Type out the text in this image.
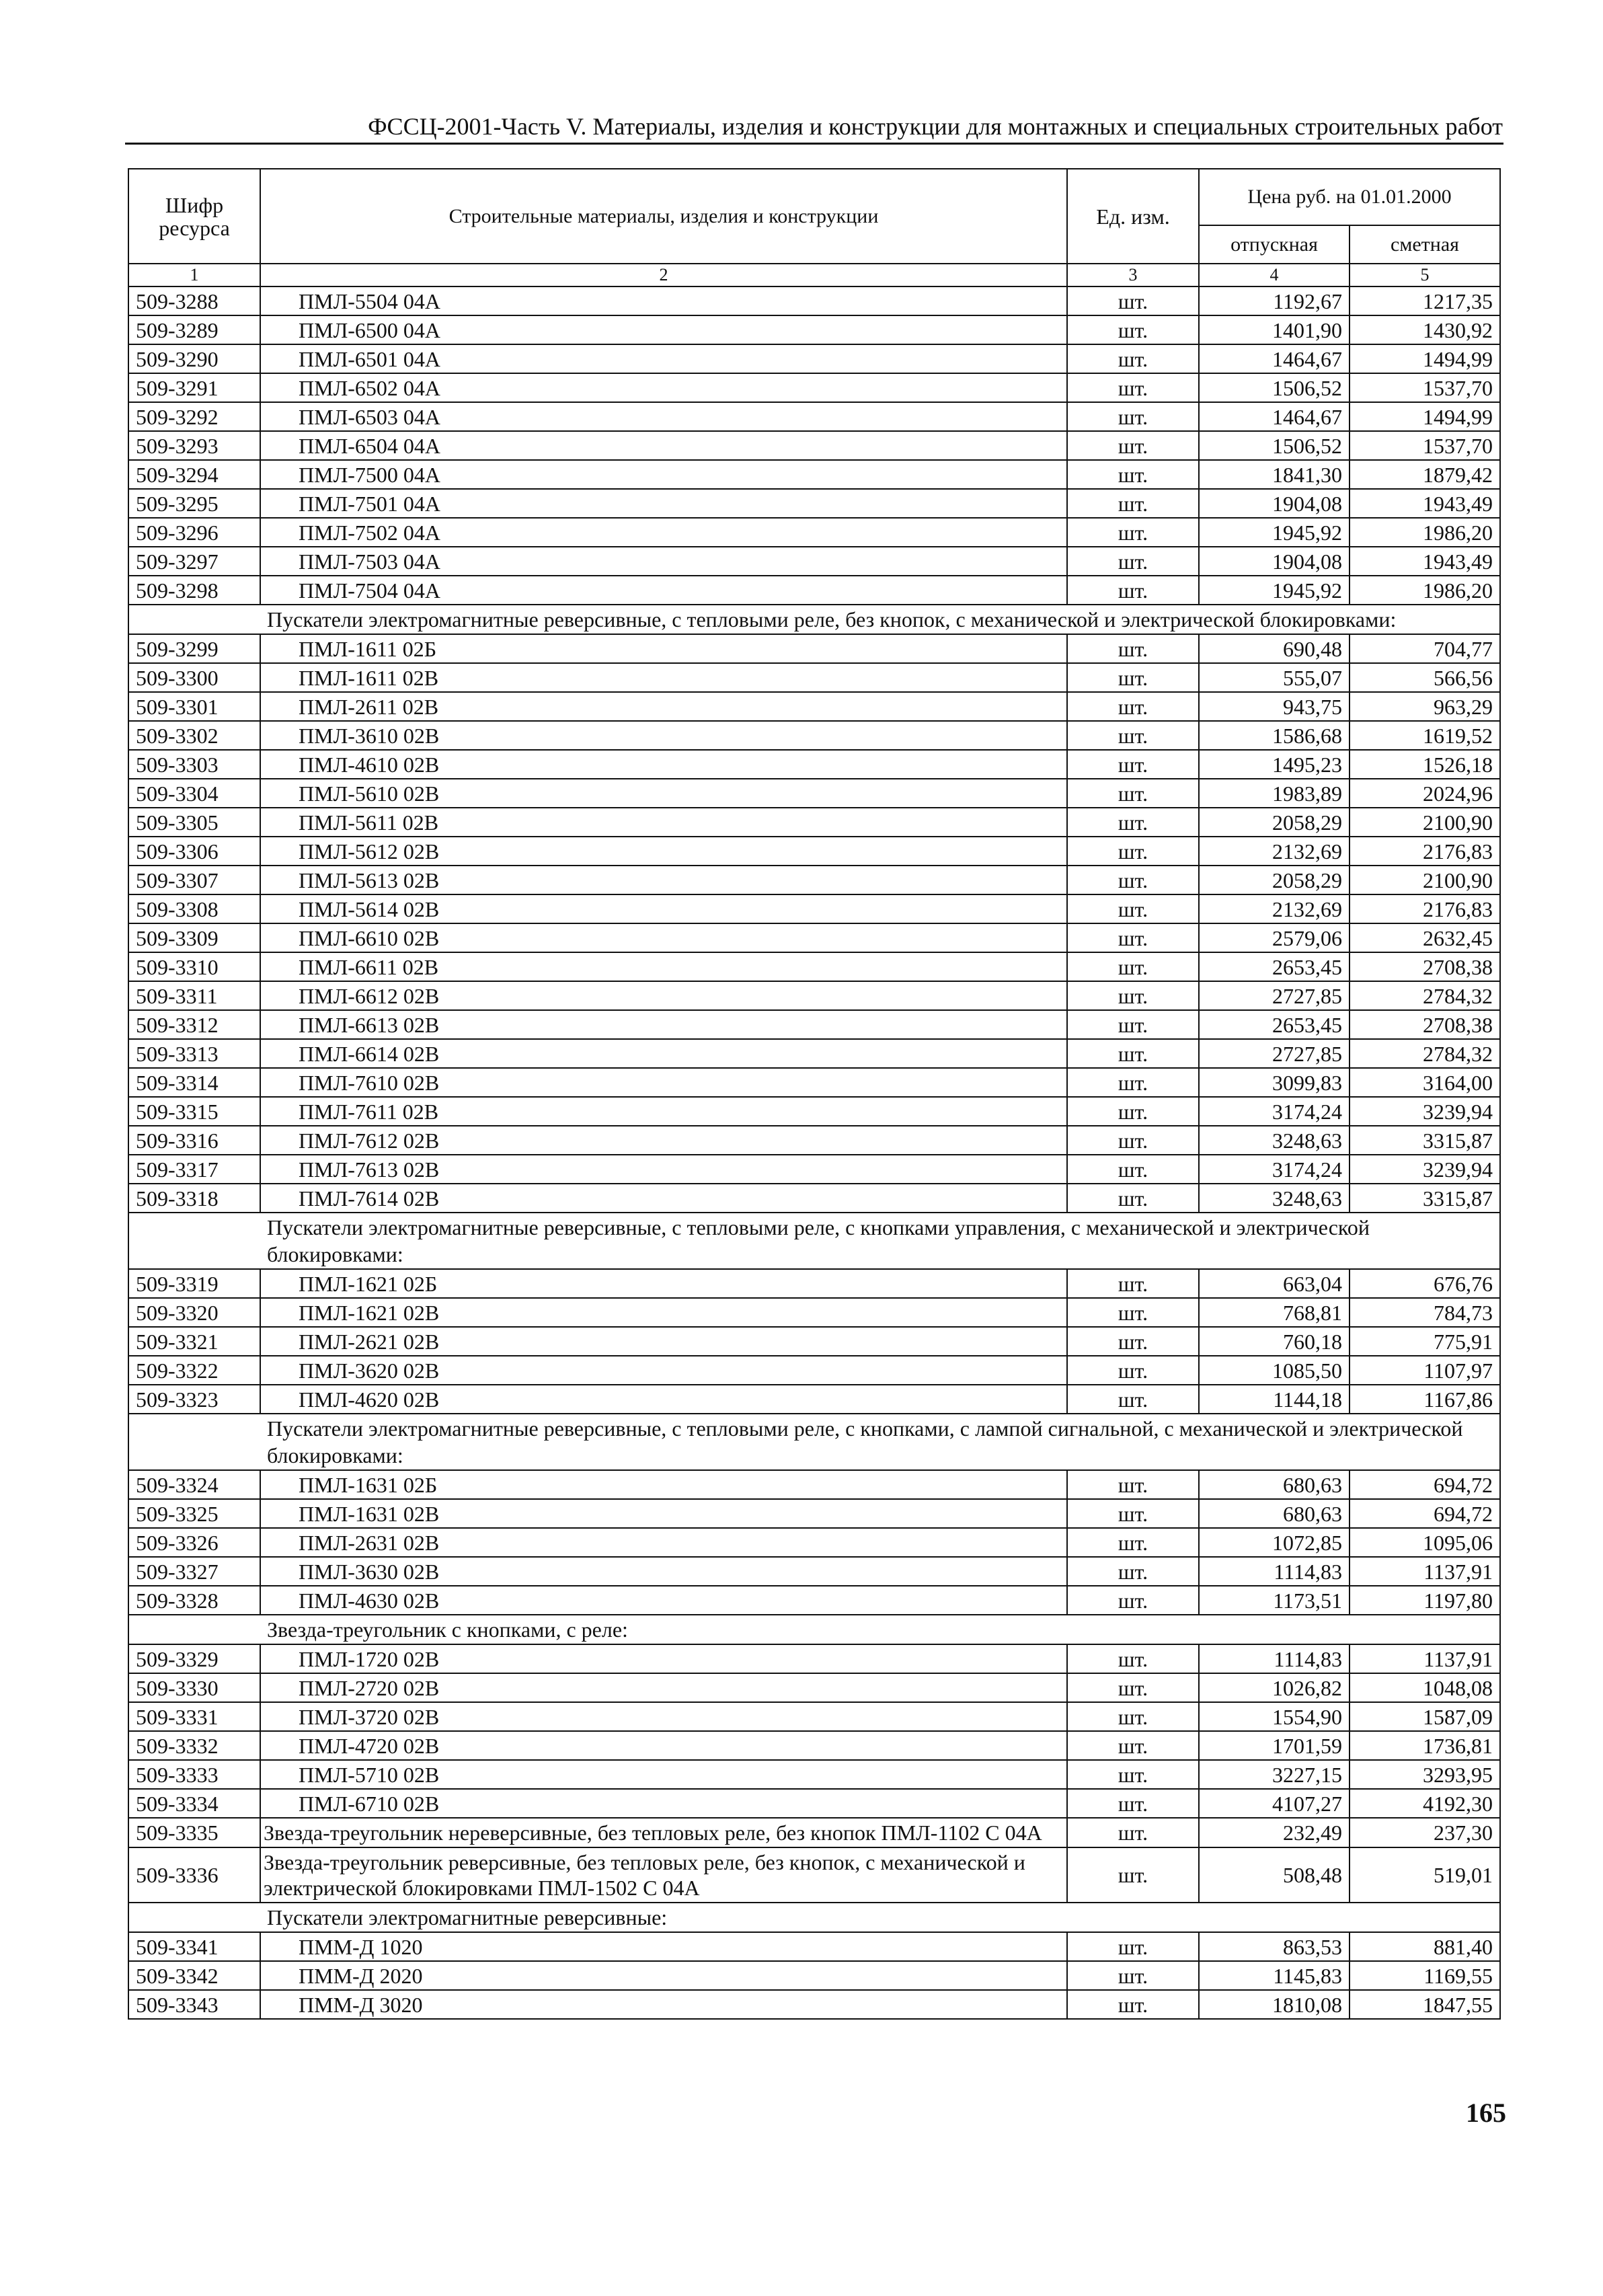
ФССЦ-2001-Часть V. Материалы, изделия и конструкции для монтажных и специальных строительных работ
Шифр ресурса	Строительные материалы, изделия и конструкции	Ед. изм.	Цена руб. на 01.01.2000	
			отпускная	сметная
1	2	3	4	5
509-3288	ПМЛ-5504 04А	шт.	1192,67	1217,35
509-3289	ПМЛ-6500 04А	шт.	1401,90	1430,92
509-3290	ПМЛ-6501 04А	шт.	1464,67	1494,99
509-3291	ПМЛ-6502 04А	шт.	1506,52	1537,70
509-3292	ПМЛ-6503 04А	шт.	1464,67	1494,99
509-3293	ПМЛ-6504 04А	шт.	1506,52	1537,70
509-3294	ПМЛ-7500 04А	шт.	1841,30	1879,42
509-3295	ПМЛ-7501 04А	шт.	1904,08	1943,49
509-3296	ПМЛ-7502 04А	шт.	1945,92	1986,20
509-3297	ПМЛ-7503 04А	шт.	1904,08	1943,49
509-3298	ПМЛ-7504 04А	шт.	1945,92	1986,20
	Пускатели электромагнитные реверсивные, с тепловыми реле, без кнопок, с механической и электрической блокировками:			
509-3299	ПМЛ-1611 02Б	шт.	690,48	704,77
509-3300	ПМЛ-1611 02В	шт.	555,07	566,56
509-3301	ПМЛ-2611 02В	шт.	943,75	963,29
509-3302	ПМЛ-3610 02В	шт.	1586,68	1619,52
509-3303	ПМЛ-4610 02В	шт.	1495,23	1526,18
509-3304	ПМЛ-5610 02В	шт.	1983,89	2024,96
509-3305	ПМЛ-5611 02В	шт.	2058,29	2100,90
509-3306	ПМЛ-5612 02В	шт.	2132,69	2176,83
509-3307	ПМЛ-5613 02В	шт.	2058,29	2100,90
509-3308	ПМЛ-5614 02В	шт.	2132,69	2176,83
509-3309	ПМЛ-6610 02В	шт.	2579,06	2632,45
509-3310	ПМЛ-6611 02В	шт.	2653,45	2708,38
509-3311	ПМЛ-6612 02В	шт.	2727,85	2784,32
509-3312	ПМЛ-6613 02В	шт.	2653,45	2708,38
509-3313	ПМЛ-6614 02В	шт.	2727,85	2784,32
509-3314	ПМЛ-7610 02В	шт.	3099,83	3164,00
509-3315	ПМЛ-7611 02В	шт.	3174,24	3239,94
509-3316	ПМЛ-7612 02В	шт.	3248,63	3315,87
509-3317	ПМЛ-7613 02В	шт.	3174,24	3239,94
509-3318	ПМЛ-7614 02В	шт.	3248,63	3315,87
	Пускатели электромагнитные реверсивные, с тепловыми реле, с кнопками управления, с механической и электрической блокировками:			
509-3319	ПМЛ-1621 02Б	шт.	663,04	676,76
509-3320	ПМЛ-1621 02В	шт.	768,81	784,73
509-3321	ПМЛ-2621 02В	шт.	760,18	775,91
509-3322	ПМЛ-3620 02В	шт.	1085,50	1107,97
509-3323	ПМЛ-4620 02В	шт.	1144,18	1167,86
	Пускатели электромагнитные реверсивные, с тепловыми реле, с кнопками, с лампой сигнальной, с механической и электрической блокировками:			
509-3324	ПМЛ-1631 02Б	шт.	680,63	694,72
509-3325	ПМЛ-1631 02В	шт.	680,63	694,72
509-3326	ПМЛ-2631 02В	шт.	1072,85	1095,06
509-3327	ПМЛ-3630 02В	шт.	1114,83	1137,91
509-3328	ПМЛ-4630 02В	шт.	1173,51	1197,80
	Звезда-треугольник с кнопками, с реле:			
509-3329	ПМЛ-1720 02В	шт.	1114,83	1137,91
509-3330	ПМЛ-2720 02В	шт.	1026,82	1048,08
509-3331	ПМЛ-3720 02В	шт.	1554,90	1587,09
509-3332	ПМЛ-4720 02В	шт.	1701,59	1736,81
509-3333	ПМЛ-5710 02В	шт.	3227,15	3293,95
509-3334	ПМЛ-6710 02В	шт.	4107,27	4192,30
509-3335	Звезда-треугольник нереверсивные, без тепловых реле, без кнопок ПМЛ-1102 С 04А	шт.	232,49	237,30
509-3336	Звезда-треугольник реверсивные, без тепловых реле, без кнопок, с механической и электрической блокировками ПМЛ-1502 С 04А	шт.	508,48	519,01
	Пускатели электромагнитные реверсивные:			
509-3341	ПММ-Д 1020	шт.	863,53	881,40
509-3342	ПММ-Д 2020	шт.	1145,83	1169,55
509-3343	ПММ-Д 3020	шт.	1810,08	1847,55
165
